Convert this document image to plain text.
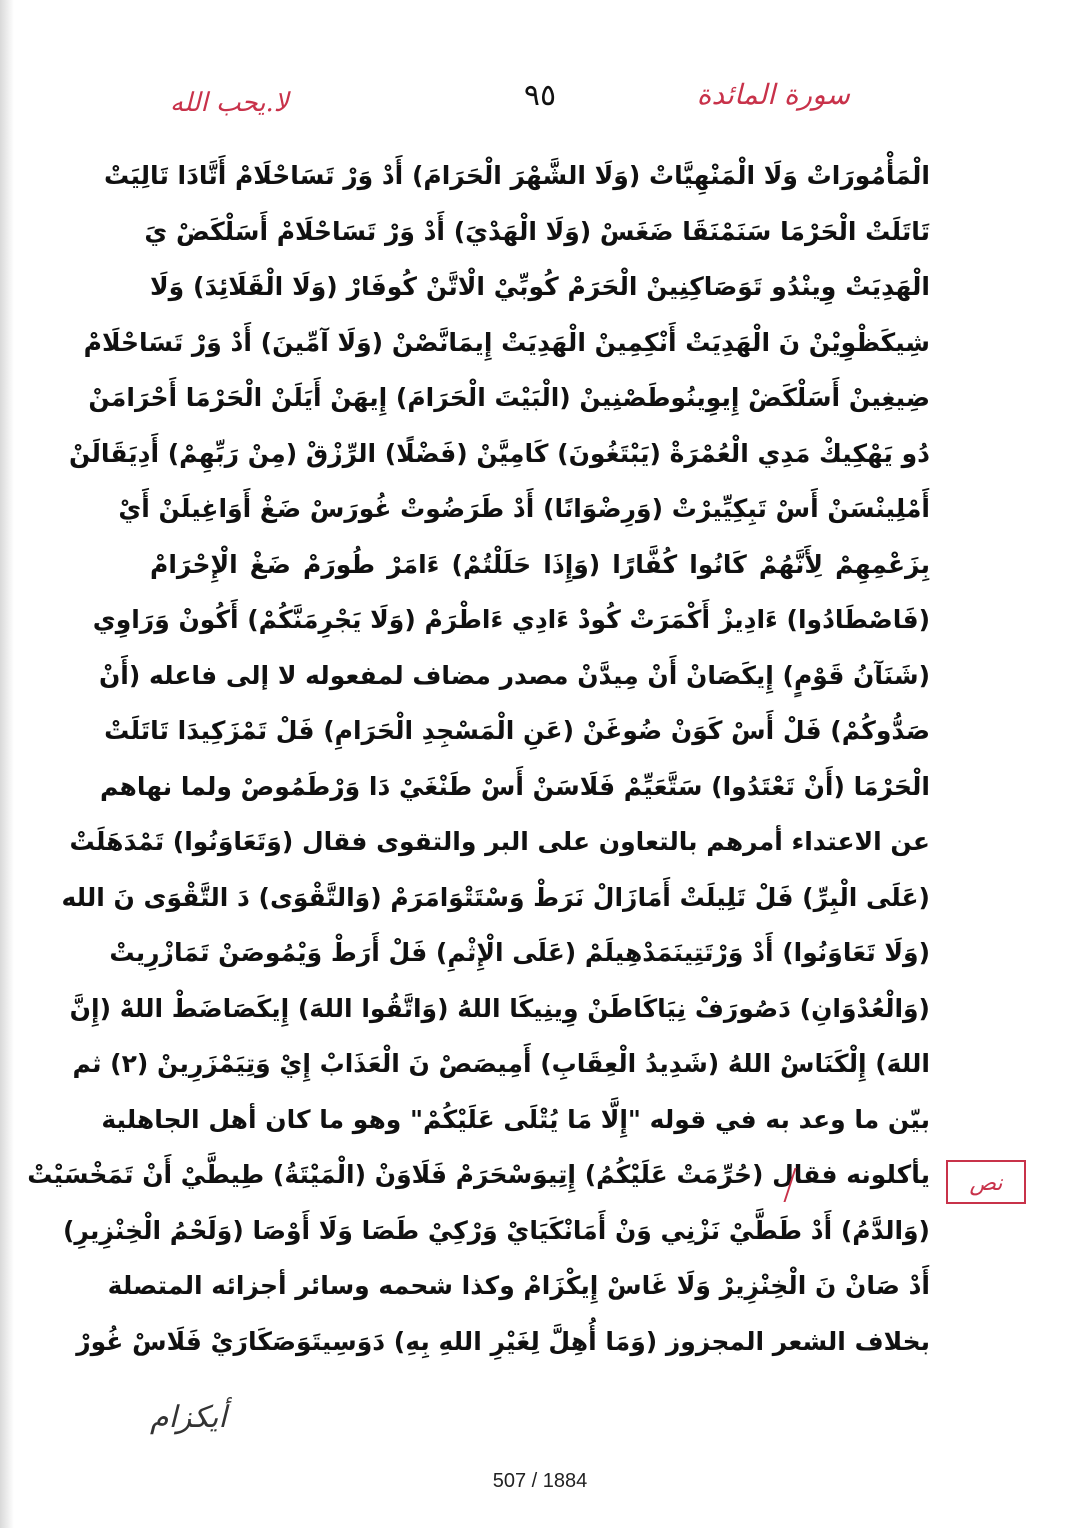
سورة المائدة
٩٥
لا.يحب الله
الْمَأْمُورَاتْ وَلَا الْمَنْهِيَّاتْ (وَلَا الشَّهْرَ الْحَرَامَ) أَدْ وَرْ تَسَاحْلَامْ أَتَّادَا تَالِيَتْ
تَاتَلَتْ الْحَرْمَا سَنَمْنَقَا ضَغَسْ (وَلَا الْهَدْيَ) أَدْ وَرْ تَسَاحْلَامْ أَسَلْكَضْ يَ
الْهَدِيَتْ وِينْدُو تَوَصَاكِنِينْ الْحَرَمْ كُوبِّيْ الْاتَّنْ كُوفَارْ (وَلَا الْقَلَائِدَ) وَلَا
شِيكَظْوِيْنْ نَ الْهَدِيَتْ أَنْكِمِينْ الْهَدِيَتْ إِيمَانَّصْنْ (وَلَا آمِّينَ) أَدْ وَرْ تَسَاحْلَامْ
ضِيغِينْ أَسَلْكَضْ إِيوِينُوطَصْنِينْ (الْبَيْتَ الْحَرَامَ) إِيهَنْ أَيَلَنْ الْحَرْمَا أَحْرَامَنْ
دُو يَهْكِيكْ مَدِي الْعُمْرَةْ (يَبْتَغُونَ) كَامِيَّنْ (فَضْلًا) الرِّزْقْ (مِنْ رَبِّهِمْ) أَدِيَقَالَنْ
أَمْلِينْسَنْ أَسْ تَبِكِيِّيرْتْ (وَرِضْوَانًا) أَدْ طَرَضُوتْ غُورَسْ ضَغْ أَوَاغِيلَنْ أَيْ
بِزَعْمِهِمْ لِأَنَّهُمْ كَانُوا كُفَّارًا (وَإِذَا حَلَلْتُمْ) ءَامَرْ طُورَمْ ضَغْ الْإِحْرَامْ
(فَاصْطَادُوا) ءَادِيزْ أَكْمَرَتْ كُودْ ءَادِي ءَاطْرَمْ (وَلَا يَجْرِمَنَّكُمْ) أَكُونْ وَرَاوِي
(شَنَآنُ قَوْمٍ) إِيكَصَانْ أَنْ مِيدَّنْ مصدر مضاف لمفعوله لا إلى فاعله (أَنْ
صَدُّوكُمْ) فَلْ أَسْ كَوَنْ ضُوغَنْ (عَنِ الْمَسْجِدِ الْحَرَامِ) فَلْ تَمْزَكِيدَا تَاتَلَتْ
الْحَرْمَا (أَنْ تَعْتَدُوا) سَتَّعَيِّمْ فَلَاسَنْ أَسْ طَنْغَيْ دَا وَرْطَمُوصْ ولما نهاهم
عن الاعتداء أمرهم بالتعاون على البر والتقوى فقال (وَتَعَاوَنُوا) تَمْدَهَلَتْ
(عَلَى الْبِرِّ) فَلْ تَلِيلَتْ أَمَازَالْ نَرَطْ وَسْتَتْوَامَرَمْ (وَالتَّقْوَى) دَ التَّقْوَى نَ الله
(وَلَا تَعَاوَنُوا) أَدْ وَرْتَتِينَمَدْهِيلَمْ (عَلَى الْإِثْمِ) فَلْ أَرَطْ وَيْمُوصَنْ تَمَازْرِيتْ
(وَالْعُدْوَانِ) دَصُورَفْ نِيَاكَاطَنْ وِينِيكَا اللهُ (وَاتَّقُوا اللهَ) إِيكَصَاضَطْ اللهْ (إِنَّ
اللهَ) إِلْكَنَاسْ اللهُ (شَدِيدُ الْعِقَابِ) أَمِيصَصْ نَ الْعَذَابْ إِيْ وَتِيَمْزَرِينْ (٢) ثم
بيّن ما وعد به في قوله "إِلَّا مَا يُتْلَى عَلَيْكُمْ" وهو ما كان أهل الجاهلية
يأكلونه فقال (حُرِّمَتْ عَلَيْكُمُ) إِتِيوَسْحَرَمْ فَلَاوَنْ (الْمَيْتَةُ) طِيطَّيْ أَنْ تَمَخْسَيْتْ
(وَالدَّمُ) أَدْ طَطَّيْ نَزْنِي وَنْ أَمَانْكَيَايْ وَرْكِيْ طَصَا وَلَا أَوْصَا (وَلَحْمُ الْخِنْزِيرِ)
أَدْ صَانْ نَ الْخِنْزِيرْ وَلَا غَاسْ إِيكْزَامْ وكذا شحمه وسائر أجزائه المتصلة
بخلاف الشعر المجزوز (وَمَا أُهِلَّ لِغَيْرِ اللهِ بِهِ) دَوَسِيتَوَصَكَارَيْ فَلَاسْ غُورْ
نص
أيكزام
507 / 1884
